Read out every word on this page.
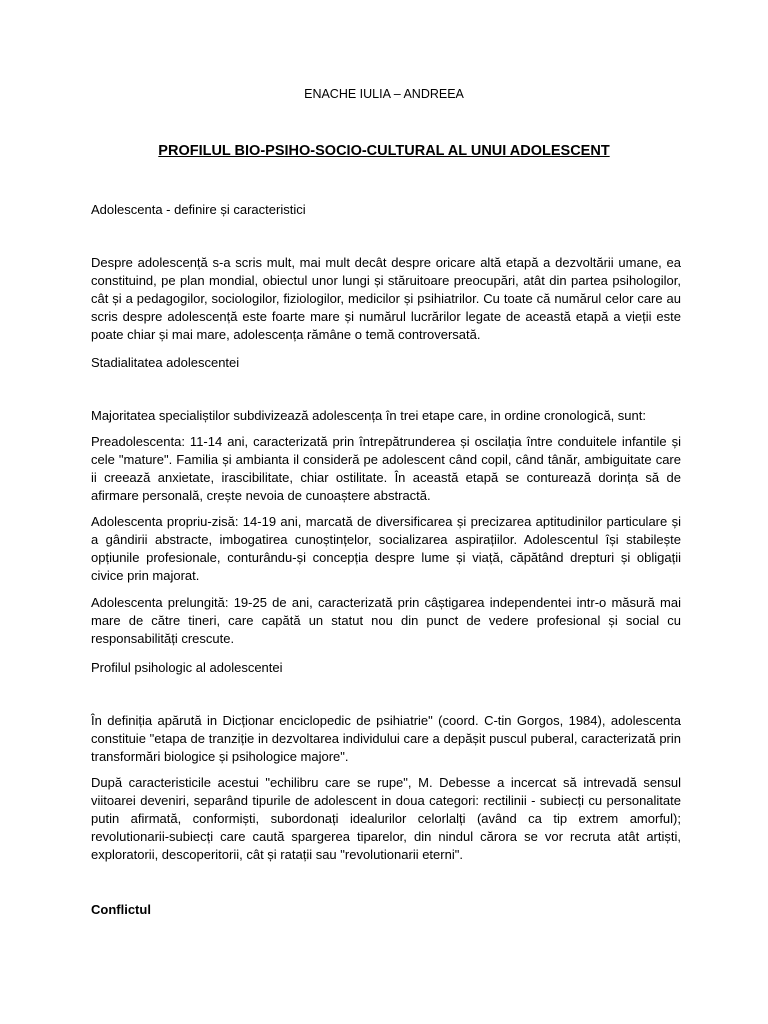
ENACHE IULIA – ANDREEA
PROFILUL BIO-PSIHO-SOCIO-CULTURAL AL UNUI ADOLESCENT
Adolescenta - definire și caracteristici

Despre adolescență s-a scris mult, mai mult decât despre oricare altă etapă a dezvoltării umane, ea constituind, pe plan mondial, obiectul unor lungi și stăruitoare preocupări, atât din partea psihologilor, cât și a pedagogilor, sociologilor, fiziologilor, medicilor și psihiatrilor. Cu toate că numărul celor care au scris despre adolescență este foarte mare și numărul lucrărilor legate de această etapă a vieții este poate chiar și mai mare, adolescența rămâne o temă controversată.

Stadialitatea adolescentei

Majoritatea specialiștilor subdivizează adolescența în trei etape care, in ordine cronologică, sunt:

Preadolescenta: 11-14 ani, caracterizată prin întrepătrunderea și oscilația între conduitele infantile și cele "mature". Familia și ambianta il consideră pe adolescent când copil, când tânăr, ambiguitate care ii creează anxietate, irascibilitate, chiar ostilitate. În această etapă se conturează dorința să de afirmare personală, crește nevoia de cunoaștere abstractă.

Adolescenta propriu-zisă: 14-19 ani, marcată de diversificarea și precizarea aptitudinilor particulare și a gândirii abstracte, imbogatirea cunoștințelor, socializarea aspirațiilor. Adolescentul își stabilește opțiunile profesionale, conturându-și concepția despre lume și viață, căpătând drepturi și obligații civice prin majorat.

Adolescenta prelungită: 19-25 de ani, caracterizată prin câștigarea independentei intr-o măsură mai mare de către tineri, care capătă un statut nou din punct de vedere profesional și social cu responsabilități crescute.

Profilul psihologic al adolescentei

În definiția apărută in Dicționar enciclopedic de psihiatrie" (coord. C-tin Gorgos, 1984), adolescenta constituie "etapa de tranziție in dezvoltarea individului care a depășit puscul puberal, caracterizată prin transformări biologice și psihologice majore".

După caracteristicile acestui "echilibru care se rupe", M. Debesse a incercat să intrevadă sensul viitoarei deveniri, separând tipurile de adolescent in doua categori: rectilinii - subiecți cu personalitate putin afirmată, conformiști, subordonați idealurilor celorlalți (având ca tip extrem amorful); revolutionarii-subiecți care caută spargerea tiparelor, din nindul cărora se vor recruta atât artiști, exploratorii, descoperitorii, cât și ratații sau "revolutionarii eterni".

Conflictul
